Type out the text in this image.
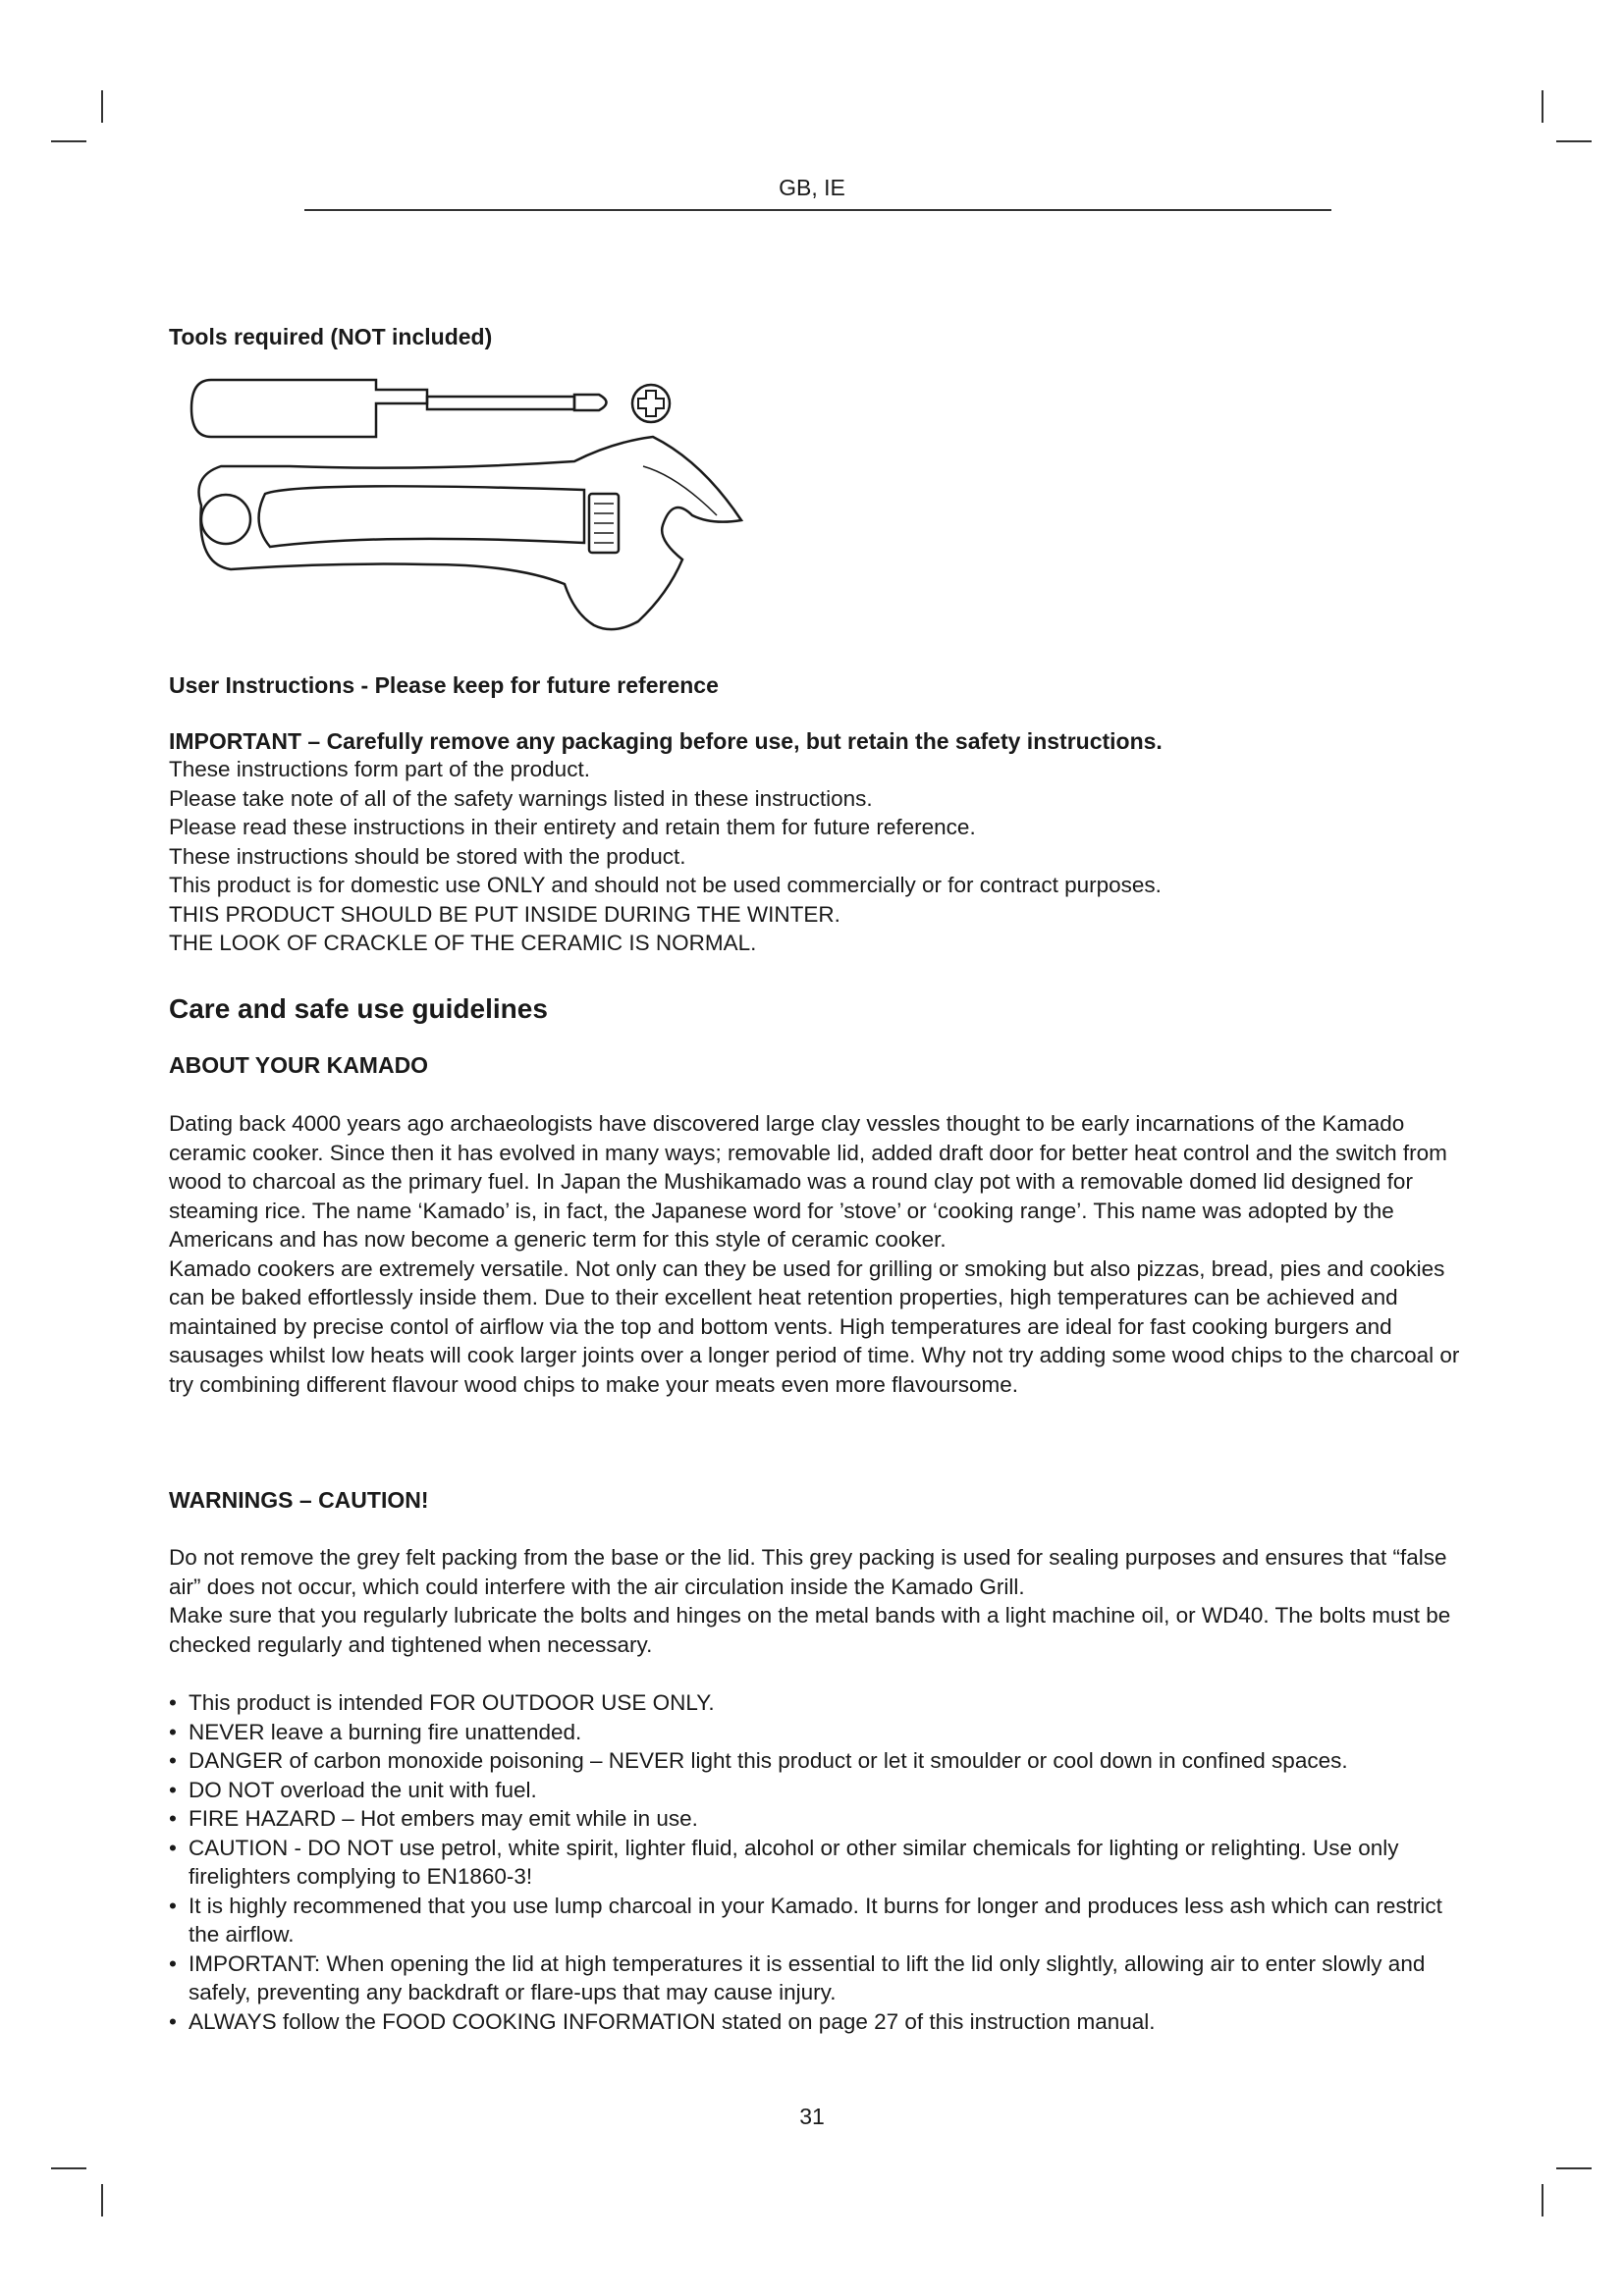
GB, IE
Tools required (NOT included)
User Instructions - Please keep for future reference
IMPORTANT – Carefully remove any packaging before use, but retain the safety instructions.
These instructions form part of the product.
Please take note of all of the safety warnings listed in these instructions.
Please read these instructions in their entirety and retain them for future reference.
These instructions should be stored with the product.
This product is for domestic use ONLY and should not be used commercially or for contract purposes.
THIS PRODUCT SHOULD BE PUT INSIDE DURING THE WINTER.
THE LOOK OF CRACKLE OF THE CERAMIC IS NORMAL.
Care and safe use guidelines
ABOUT YOUR KAMADO
Dating back 4000 years ago archaeologists have discovered large clay vessles thought to be early incarnations of the Kamado ceramic cooker. Since then it has evolved in many ways; removable lid, added draft door for better heat control and the switch from wood to charcoal as the primary fuel. In Japan the Mushikamado was a round clay pot with a removable domed lid designed for steaming rice. The name ‘Kamado’ is, in fact, the Japanese word for ’stove’ or ‘cooking range’. This name was adopted by the Americans and has now become a generic term for this style of ceramic cooker.
Kamado cookers are extremely versatile. Not only can they be used for grilling or smoking but also pizzas, bread, pies and cookies can be baked effortlessly inside them. Due to their excellent heat retention properties, high temperatures can be achieved and maintained by precise contol of airflow via the top and bottom vents. High temperatures are ideal for fast cooking burgers and sausages whilst low heats will cook larger joints over a longer period of time. Why not try adding some wood chips to the charcoal or try combining different flavour wood chips to make your meats even more flavoursome.
WARNINGS – CAUTION!
Do not remove the grey felt packing from the base or the lid. This grey packing is used for sealing purposes and ensures that “false air” does not occur, which could interfere with the air circulation inside the Kamado Grill.
Make sure that you regularly lubricate the bolts and hinges on the metal bands with a light machine oil, or WD40. The bolts must be checked regularly and tightened when necessary.
• This product is intended FOR OUTDOOR USE ONLY.
• NEVER leave a burning fire unattended.
• DANGER of carbon monoxide poisoning – NEVER light this product or let it smoulder or cool down in confined spaces.
• DO NOT overload the unit with fuel.
• FIRE HAZARD – Hot embers may emit while in use.
• CAUTION - DO NOT use petrol, white spirit, lighter fluid, alcohol or other similar chemicals for lighting or relighting. Use only firelighters complying to EN1860-3!
• It is highly recommened that you use lump charcoal in your Kamado. It burns for longer and produces less ash which can restrict the airflow.
• IMPORTANT: When opening the lid at high temperatures it is essential to lift the lid only slightly, allowing air to enter slowly and safely, preventing any backdraft or flare-ups that may cause injury.
• ALWAYS follow the FOOD COOKING INFORMATION stated on page 27 of this instruction manual.
31
